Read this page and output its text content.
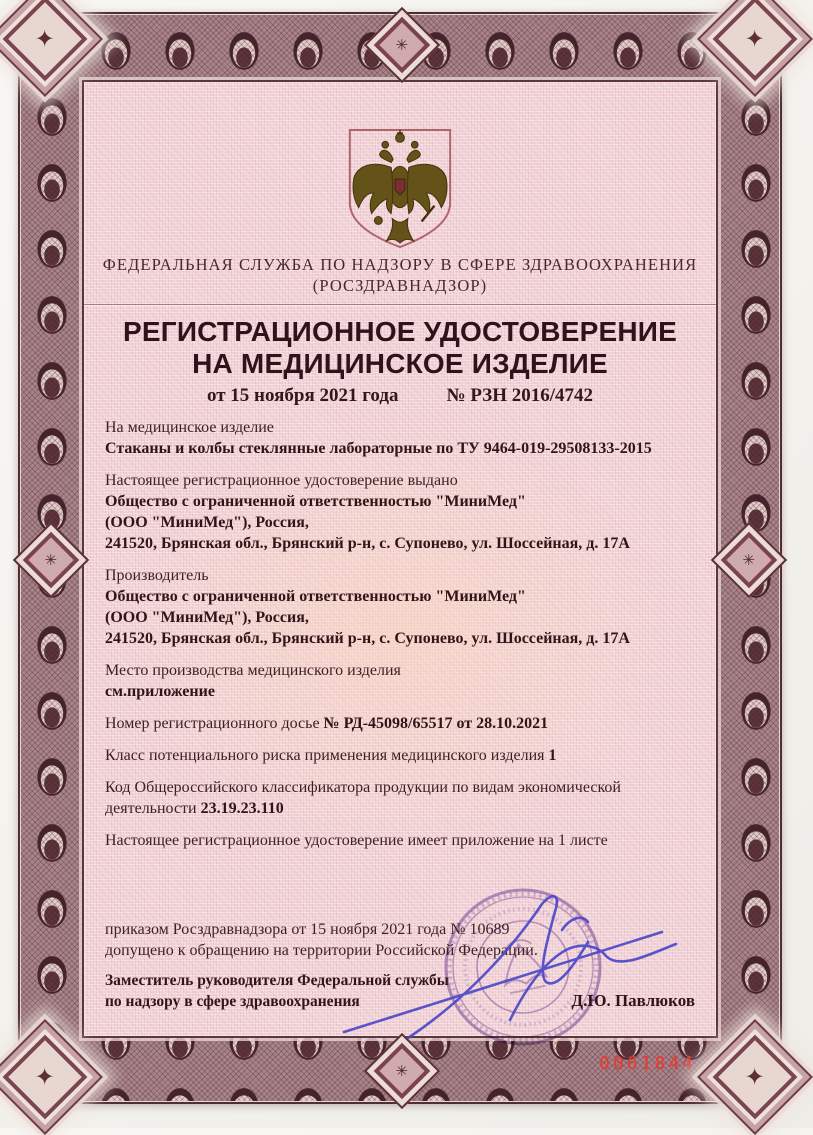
✦
✦
✦
✦
✳
✳
✳
✳
ФЕДЕРАЛЬНАЯ СЛУЖБА ПО НАДЗОРУ В СФЕРЕ ЗДРАВООХРАНЕНИЯ
(РОСЗДРАВНАДЗОР)
РЕГИСТРАЦИОННОЕ УДОСТОВЕРЕНИЕ
НА МЕДИЦИНСКОЕ ИЗДЕЛИЕ
от 15 ноября 2021 года	№ РЗН 2016/4742
На медицинское изделие
Стаканы и колбы стеклянные лабораторные по ТУ 9464-019-29508133-2015
Настоящее регистрационное удостоверение выдано
Общество с ограниченной ответственностью "МиниМед"
(ООО "МиниМед"), Россия,
241520, Брянская обл., Брянский р-н, с. Супонево, ул. Шоссейная, д. 17А
Производитель
Общество с ограниченной ответственностью "МиниМед"
(ООО "МиниМед"), Россия,
241520, Брянская обл., Брянский р-н, с. Супонево, ул. Шоссейная, д. 17А
Место производства медицинского изделия
см.приложение
Номер регистрационного досье № РД-45098/65517 от 28.10.2021
Класс потенциального риска применения медицинского изделия 1
Код Общероссийского классификатора продукции по видам экономической деятельности 23.19.23.110
Настоящее регистрационное удостоверение имеет приложение на 1 листе
приказом Росздравнадзора от 15 ноября 2021 года № 10689
допущено к обращению на территории Российской Федерации.
Заместитель руководителя Федеральной службы
по надзору в сфере здравоохранения	Д.Ю. Павлюков
0061844
